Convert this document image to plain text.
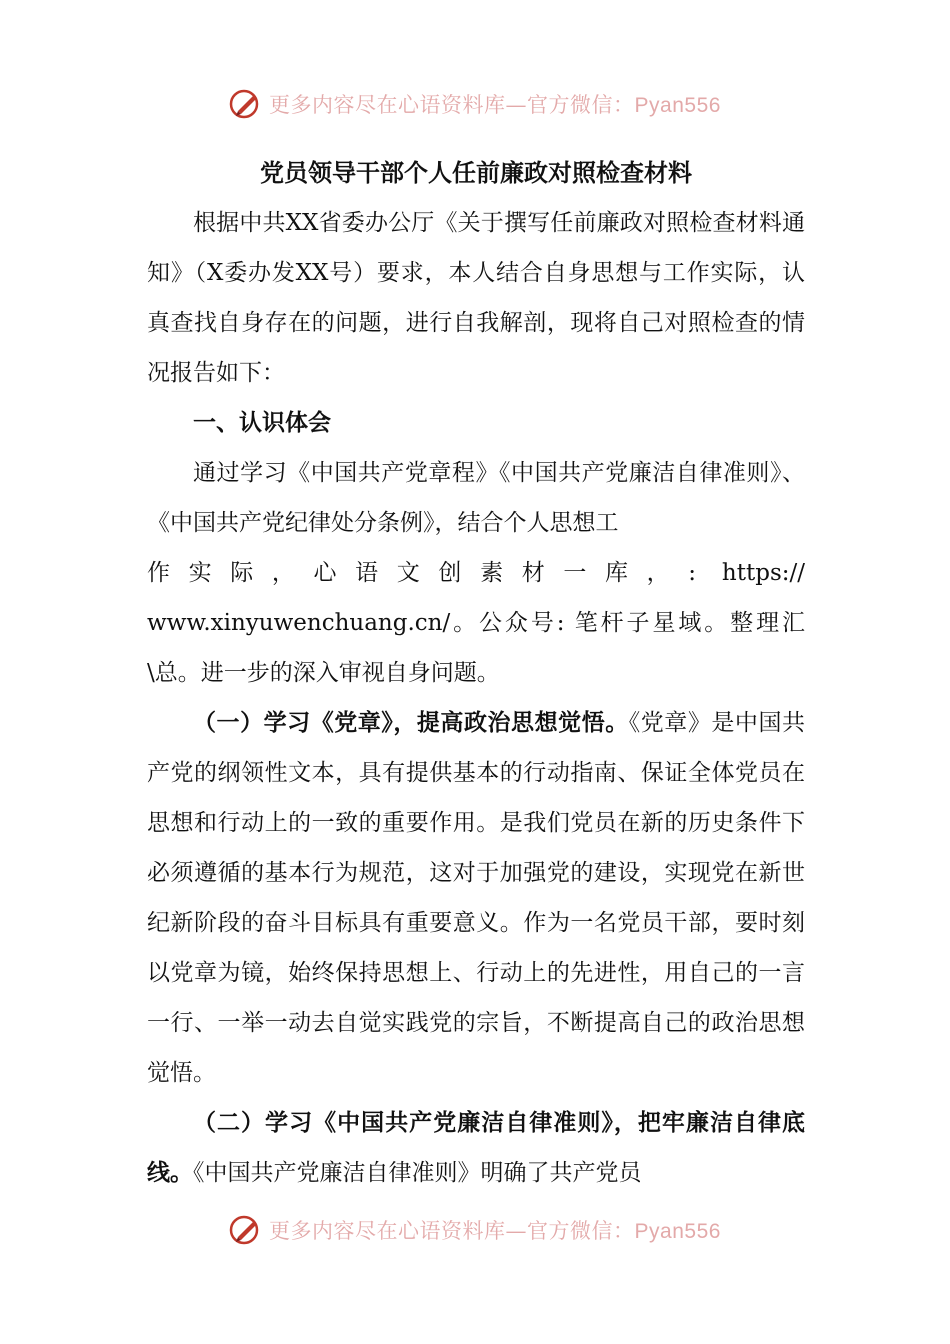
更多内容尽在心语资料库—官方微信：Pyan556
党员领导干部个人任前廉政对照检查材料

根据中共XX省委办公厅《关于撰写任前廉政对照检查材料通知》（X委办发XX号）要求，本人结合自身思想与工作实际，认真查找自身存在的问题，进行自我解剖，现将自己对照检查的情况报告如下：

一、认识体会

通过学习《中国共产党章程》《中国共产党廉洁自律准则》、《中国共产党纪律处分条例》，结合个人思想工

作实际，心语文创素材一库，: https://

www.xinyuwenchuang.cn/。公众号: 笔杆子星域。整理汇\总。进一步的深入审视自身问题。

（一）学习《党章》，提高政治思想觉悟。《党章》是中国共产党的纲领性文本，具有提供基本的行动指南、保证全体党员在思想和行动上的一致的重要作用。是我们党员在新的历史条件下必须遵循的基本行为规范，这对于加强党的建设，实现党在新世纪新阶段的奋斗目标具有重要意义。作为一名党员干部，要时刻以党章为镜，始终保持思想上、行动上的先进性，用自己的一言一行、一举一动去自觉实践党的宗旨，不断提高自己的政治思想觉悟。

（二）学习《中国共产党廉洁自律准则》，把牢廉洁自律底线。《中国共产党廉洁自律准则》明确了共产党员

更多内容尽在心语资料库—官方微信：Pyan556
